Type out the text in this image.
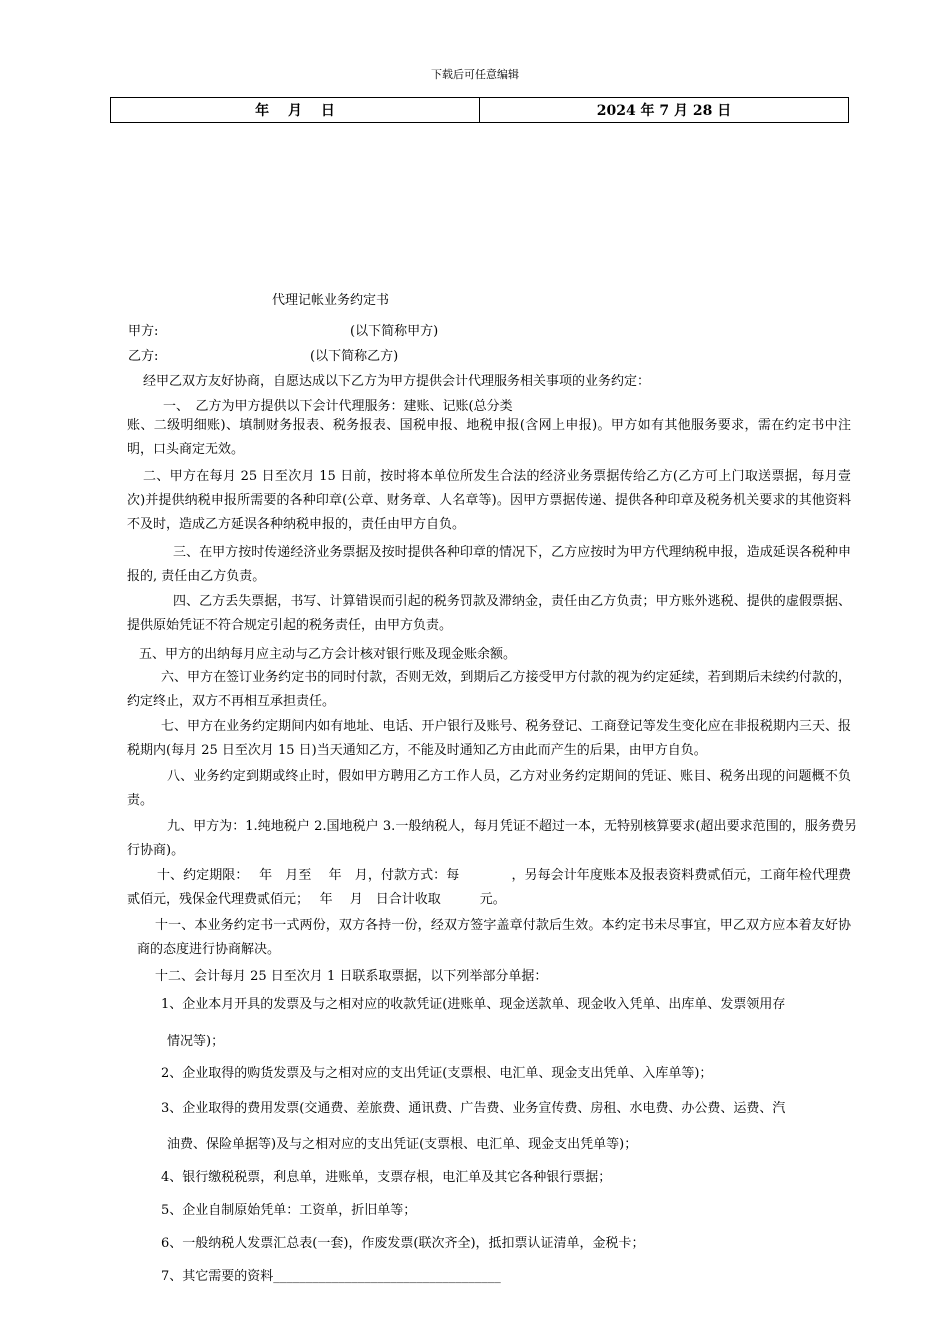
下载后可任意编辑
年　 月　 日	2024 年 7 月 28 日
代理记帐业务约定书
甲方:	(以下简称甲方)
乙方:	(以下简称乙方)
经甲乙双方友好协商，自愿达成以下乙方为甲方提供会计代理服务相关事项的业务约定：
一、　乙方为甲方提供以下会计代理服务：建账、记账(总分类
账、二级明细账)、填制财务报表、税务报表、国税申报、地税申报(含网上申报)。甲方如有其他服务要求，需在约定书中注明，口头商定无效。
二、甲方在每月 25 日至次月 15 日前，按时将本单位所发生合法的经济业务票据传给乙方(乙方可上门取送票据，每月壹次)并提供纳税申报所需要的各种印章(公章、财务章、人名章等)。因甲方票据传递、提供各种印章及税务机关要求的其他资料不及时，造成乙方延误各种纳税申报的，责任由甲方自负。
三、在甲方按时传递经济业务票据及按时提供各种印章的情况下，乙方应按时为甲方代理纳税申报，造成延误各税种申报的, 责任由乙方负责。
四、乙方丢失票据，书写、计算错误而引起的税务罚款及滞纳金，责任由乙方负责；甲方账外逃税、提供的虚假票据、提供原始凭证不符合规定引起的税务责任，由甲方负责。
五、甲方的出纳每月应主动与乙方会计核对银行账及现金账余额。
六、甲方在签订业务约定书的同时付款，否则无效，到期后乙方接受甲方付款的视为约定延续，若到期后未续约付款的，约定终止，双方不再相互承担责任。
七、甲方在业务约定期间内如有地址、电话、开户银行及账号、税务登记、工商登记等发生变化应在非报税期内三天、报税期内(每月 25 日至次月 15 日)当天通知乙方，不能及时通知乙方由此而产生的后果，由甲方自负。
八、业务约定到期或终止时，假如甲方聘用乙方工作人员，乙方对业务约定期间的凭证、账目、税务出现的问题概不负责。
九、甲方为：1.纯地税户 2.国地税户 3.一般纳税人，每月凭证不超过一本，无特别核算要求(超出要求范围的，服务费另行协商)。
十、约定期限：　 年　月至　 年　月，付款方式：每　　　　，另每会计年度账本及报表资料费贰佰元，工商年检代理费贰佰元，残保金代理费贰佰元；　 年　 月　日合计收取　　　元。
十一、本业务约定书一式两份，双方各持一份，经双方签字盖章付款后生效。本约定书未尽事宜，甲乙双方应本着友好协商的态度进行协商解决。
十二、会计每月 25 日至次月 1 日联系取票据，以下列举部分单据：
1、企业本月开具的发票及与之相对应的收款凭证(进账单、现金送款单、现金收入凭单、出库单、发票领用存
情况等)；
2、企业取得的购货发票及与之相对应的支出凭证(支票根、电汇单、现金支出凭单、入库单等)；
3、企业取得的费用发票(交通费、差旅费、通讯费、广告费、业务宣传费、房租、水电费、办公费、运费、汽
油费、保险单据等)及与之相对应的支出凭证(支票根、电汇单、现金支出凭单等)；
4、银行缴税税票，利息单，进账单，支票存根，电汇单及其它各种银行票据；
5、企业自制原始凭单：工资单，折旧单等；
6、一般纳税人发票汇总表(一套)，作废发票(联次齐全)，抵扣票认证清单，金税卡；
7、其它需要的资料___________________________________
